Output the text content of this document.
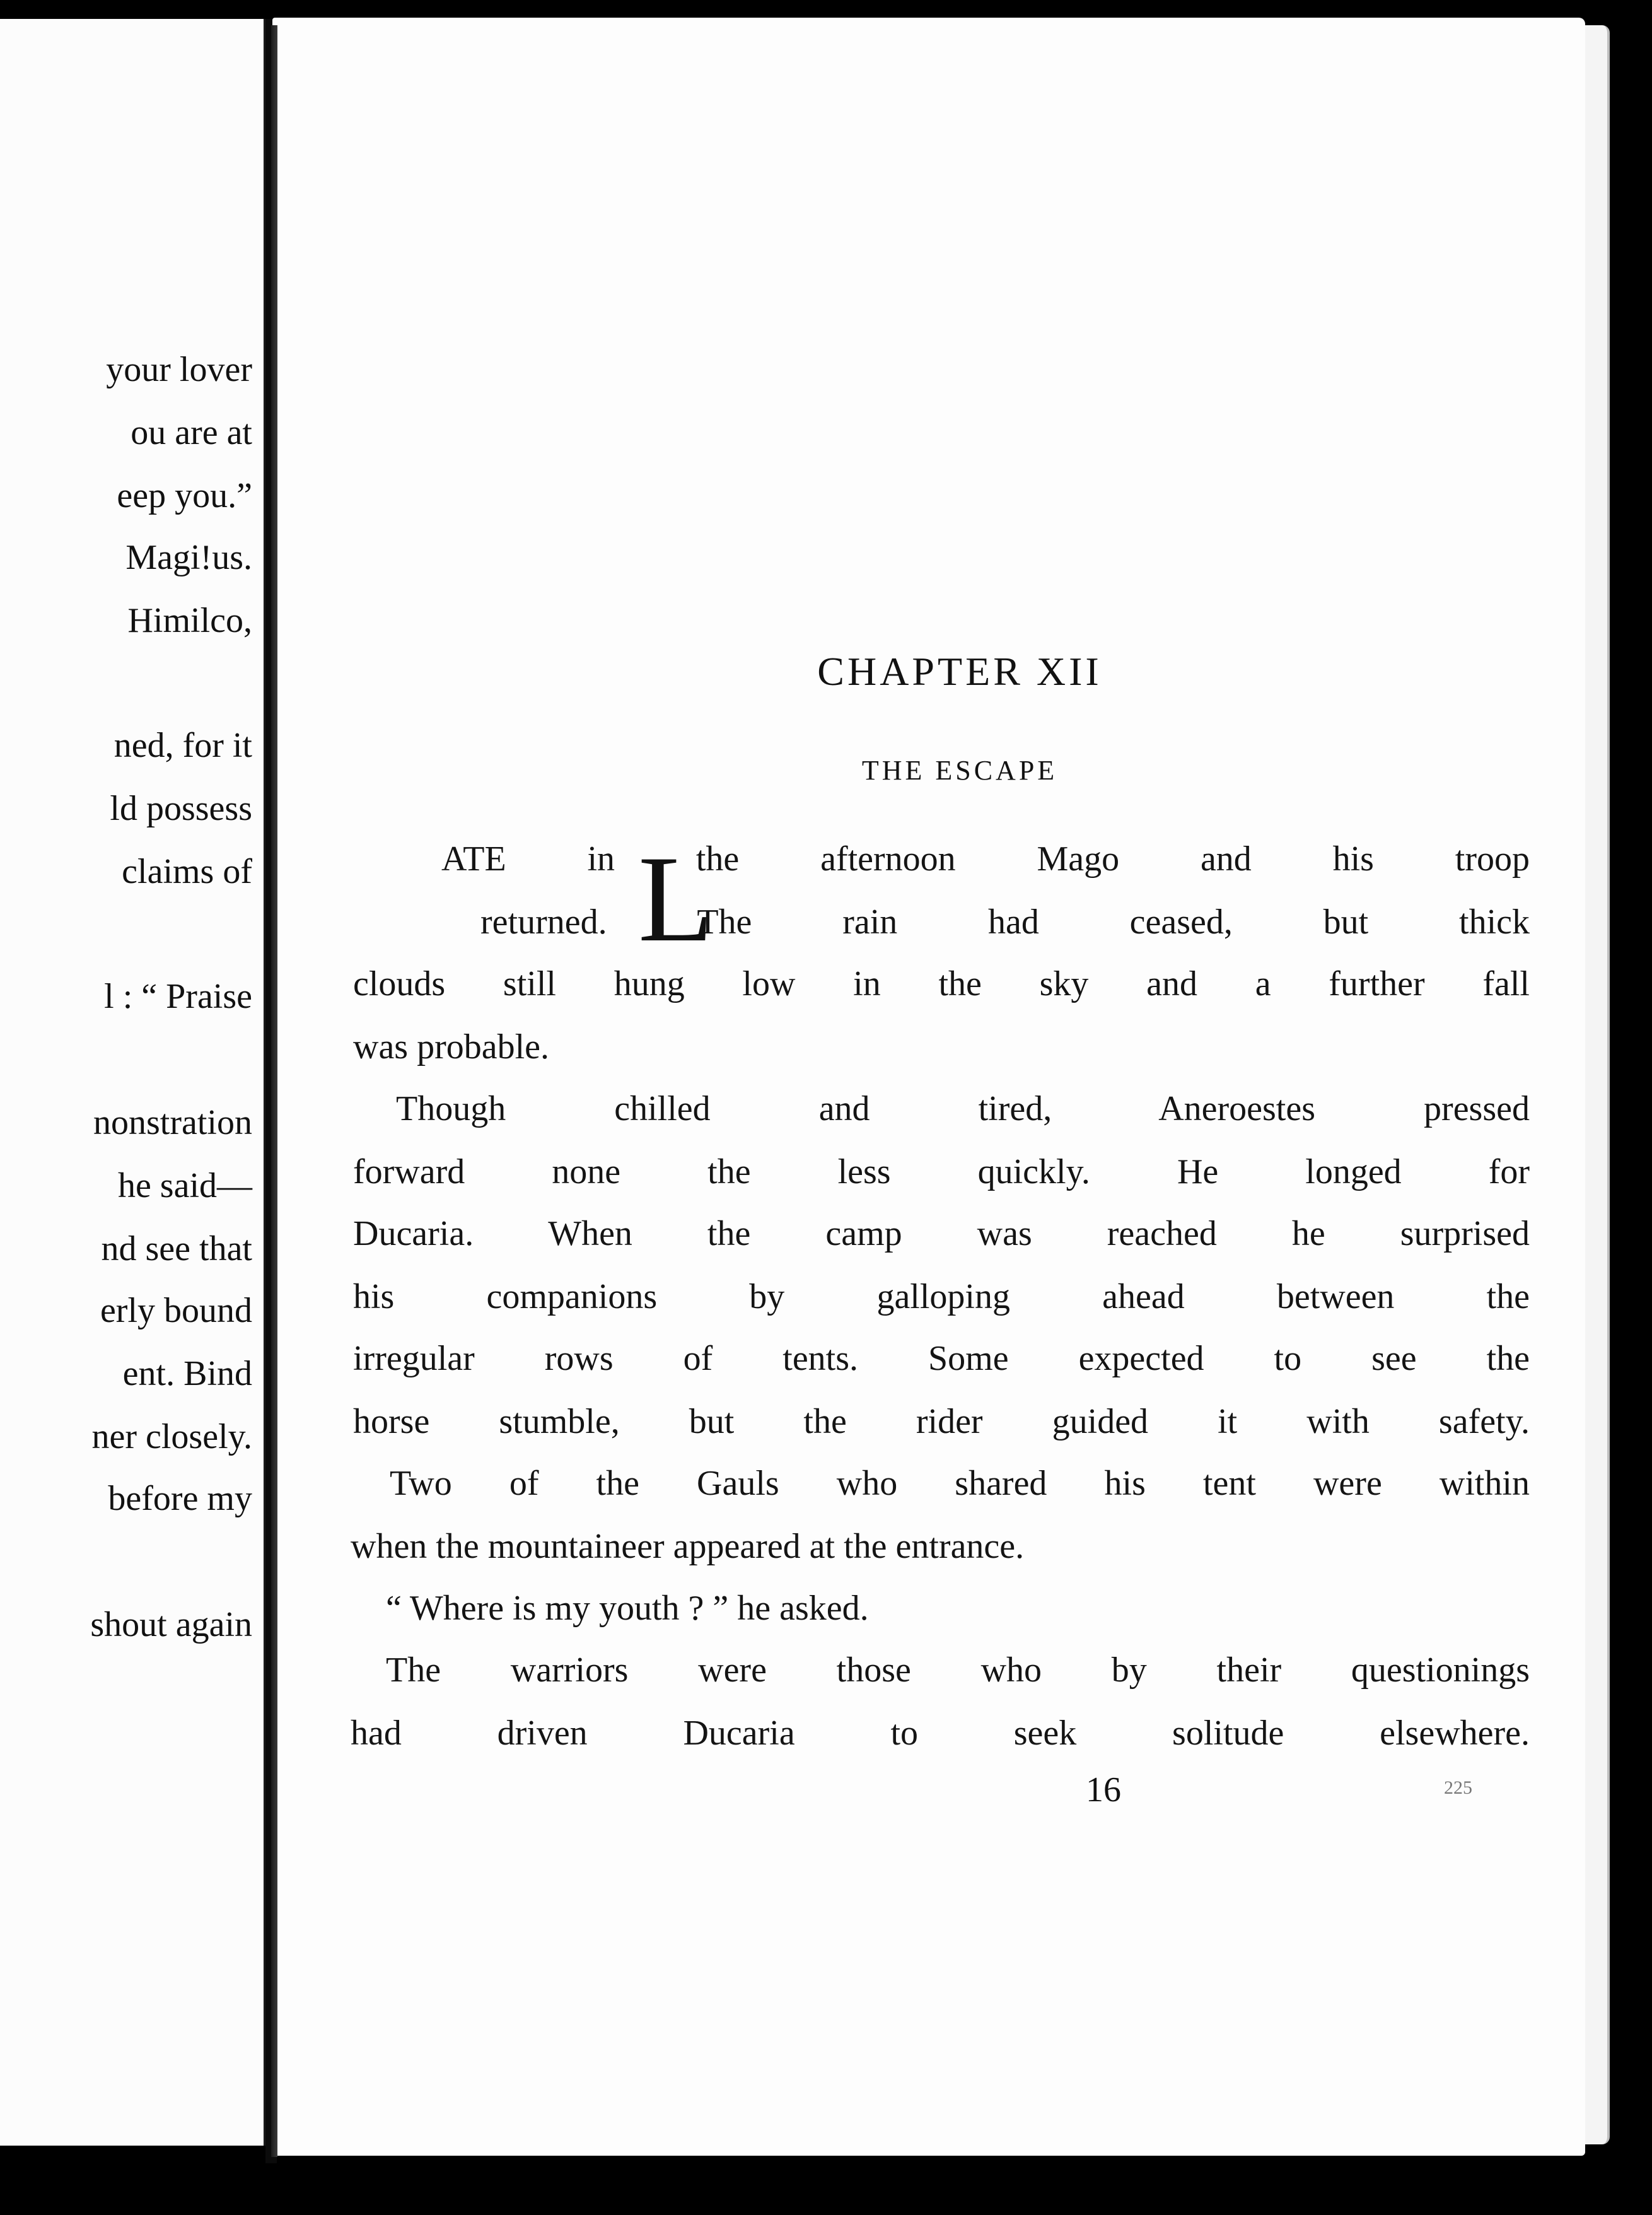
your lover
ou are at
eep you.”
Magi!us.
Himilco,
ned, for it
ld possess
claims of
l : “ Praise
nonstration
he said—
nd see that
erly bound
ent. Bind
ner closely.
before my
shout again
CHAPTER XII
THE ESCAPE
L
ATE in the afternoon Mago and his troop
returned. The rain had ceased, but thick
clouds still hung low in the sky and a further fall
was probable.
Though chilled and tired, Aneroestes pressed
forward none the less quickly. He longed for
Ducaria. When the camp was reached he surprised
his companions by galloping ahead between the
irregular rows of tents. Some expected to see the
horse stumble, but the rider guided it with safety.
Two of the Gauls who shared his tent were within
when the mountaineer appeared at the entrance.
“ Where is my youth ? ” he asked.
The warriors were those who by their questionings
had driven Ducaria to seek solitude elsewhere.
16	225
